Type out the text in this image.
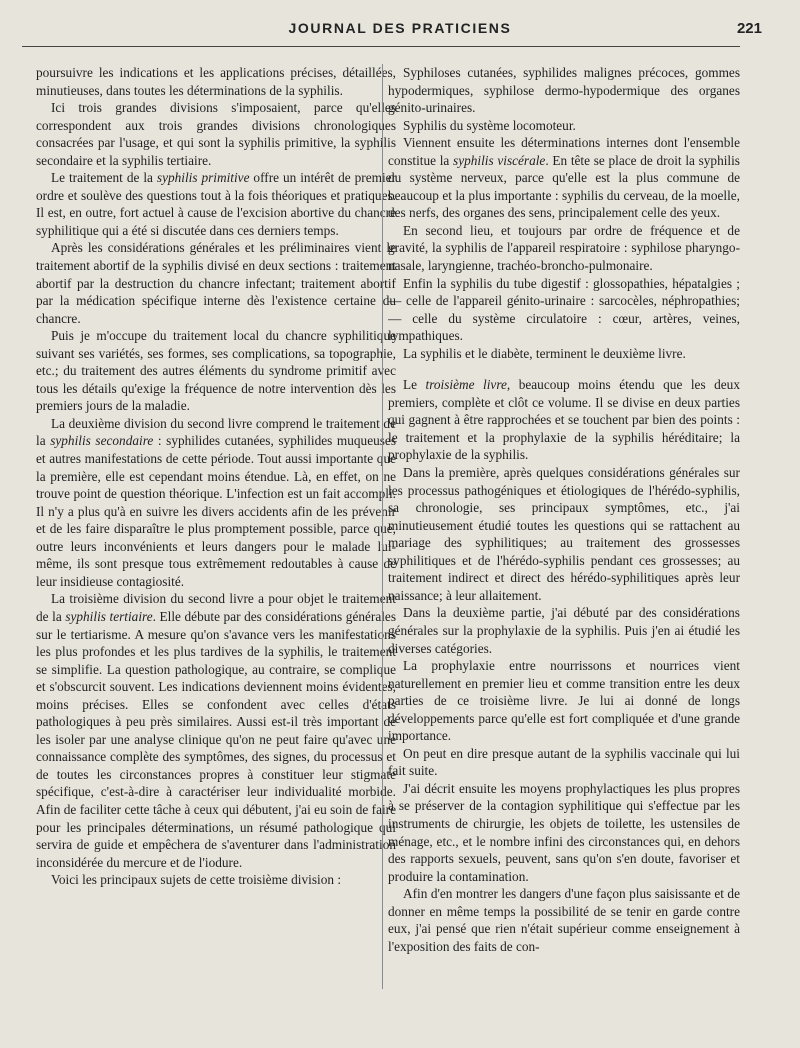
JOURNAL DES PRATICIENS	221

poursuivre les indications et les applications précises, détaillées, minutieuses, dans toutes les déterminations de la syphilis.

Ici trois grandes divisions s'imposaient, parce qu'elles correspondent aux trois grandes divisions chronologiques consacrées par l'usage, et qui sont la syphilis primitive, la syphilis secondaire et la syphilis tertiaire.

Le traitement de la syphilis primitive offre un intérêt de premier ordre et soulève des questions tout à la fois théoriques et pratiques. Il est, en outre, fort actuel à cause de l'excision abortive du chancre syphilitique qui a été si discutée dans ces derniers temps.

Après les considérations générales et les préliminaires vient le traitement abortif de la syphilis divisé en deux sections : traitement abortif par la destruction du chancre infectant; traitement abortif par la médication spécifique interne dès l'existence certaine du chancre.

Puis je m'occupe du traitement local du chancre syphilitique suivant ses variétés, ses formes, ses complications, sa topographie, etc.; du traitement des autres éléments du syndrome primitif avec tous les détails qu'exige la fréquence de notre intervention dès les premiers jours de la maladie.

La deuxième division du second livre comprend le traitement de la syphilis secondaire : syphilides cutanées, syphilides muqueuses et autres manifestations de cette période. Tout aussi importante que la première, elle est cependant moins étendue. Là, en effet, on ne trouve point de question théorique. L'infection est un fait accompli. Il n'y a plus qu'à en suivre les divers accidents afin de les prévenir et de les faire disparaître le plus promptement possible, parce que, outre leurs inconvénients et leurs dangers pour le malade lui-même, ils sont presque tous extrêmement redoutables à cause de leur insidieuse contagiosité.

La troisième division du second livre a pour objet le traitement de la syphilis tertiaire. Elle débute par des considérations générales sur le tertiarisme. A mesure qu'on s'avance vers les manifestations les plus profondes et les plus tardives de la syphilis, le traitement se simplifie. La question pathologique, au contraire, se complique et s'obscurcit souvent. Les indications deviennent moins évidentes, moins précises. Elles se confondent avec celles d'états pathologiques à peu près similaires. Aussi est-il très important de les isoler par une analyse clinique qu'on ne peut faire qu'avec une connaissance complète des symptômes, des signes, du processus et de toutes les circonstances propres à constituer leur stigmate spécifique, c'est-à-dire à caractériser leur individualité morbide. Afin de faciliter cette tâche à ceux qui débutent, j'ai eu soin de faire pour les principales déterminations, un résumé pathologique qui servira de guide et empêchera de s'aventurer dans l'administration inconsidérée du mercure et de l'iodure.

Voici les principaux sujets de cette troisième division :

Syphiloses cutanées, syphilides malignes précoces, gommes hypodermiques, syphilose dermo-hypodermique des organes génito-urinaires.

Syphilis du système locomoteur.

Viennent ensuite les déterminations internes dont l'ensemble constitue la syphilis viscérale. En tête se place de droit la syphilis du système nerveux, parce qu'elle est la plus commune de beaucoup et la plus importante : syphilis du cerveau, de la moelle, des nerfs, des organes des sens, principalement celle des yeux.

En second lieu, et toujours par ordre de fréquence et de gravité, la syphilis de l'appareil respiratoire : syphilose pharyngo-nasale, laryngienne, trachéo-broncho-pulmonaire.

Enfin la syphilis du tube digestif : glossopathies, hépatalgies ; — celle de l'appareil génito-urinaire : sarcocèles, néphropathies; — celle du système circulatoire : cœur, artères, veines, lympathiques.

La syphilis et le diabète, terminent le deuxième livre.

Le troisième livre, beaucoup moins étendu que les deux premiers, complète et clôt ce volume. Il se divise en deux parties qui gagnent à être rapprochées et se touchent par bien des points : le traitement et la prophylaxie de la syphilis héréditaire; la prophylaxie de la syphilis.

Dans la première, après quelques considérations générales sur les processus pathogéniques et étiologiques de l'hérédo-syphilis, sa chronologie, ses principaux symptômes, etc., j'ai minutieusement étudié toutes les questions qui se rattachent au mariage des syphilitiques; au traitement des grossesses syphilitiques et de l'hérédo-syphilis pendant ces grossesses; au traitement indirect et direct des hérédo-syphilitiques après leur naissance; à leur allaitement.

Dans la deuxième partie, j'ai débuté par des considérations générales sur la prophylaxie de la syphilis. Puis j'en ai étudié les diverses catégories.

La prophylaxie entre nourrissons et nourrices vient naturellement en premier lieu et comme transition entre les deux parties de ce troisième livre. Je lui ai donné de longs développements parce qu'elle est fort compliquée et d'une grande importance.

On peut en dire presque autant de la syphilis vaccinale qui lui fait suite.

J'ai décrit ensuite les moyens prophylactiques les plus propres à se préserver de la contagion syphilitique qui s'effectue par les instruments de chirurgie, les objets de toilette, les ustensiles de ménage, etc., et le nombre infini des circonstances qui, en dehors des rapports sexuels, peuvent, sans qu'on s'en doute, favoriser et produire la contamination.

Afin d'en montrer les dangers d'une façon plus saisissante et de donner en même temps la possibilité de se tenir en garde contre eux, j'ai pensé que rien n'était supérieur comme enseignement à l'exposition des faits de con-
